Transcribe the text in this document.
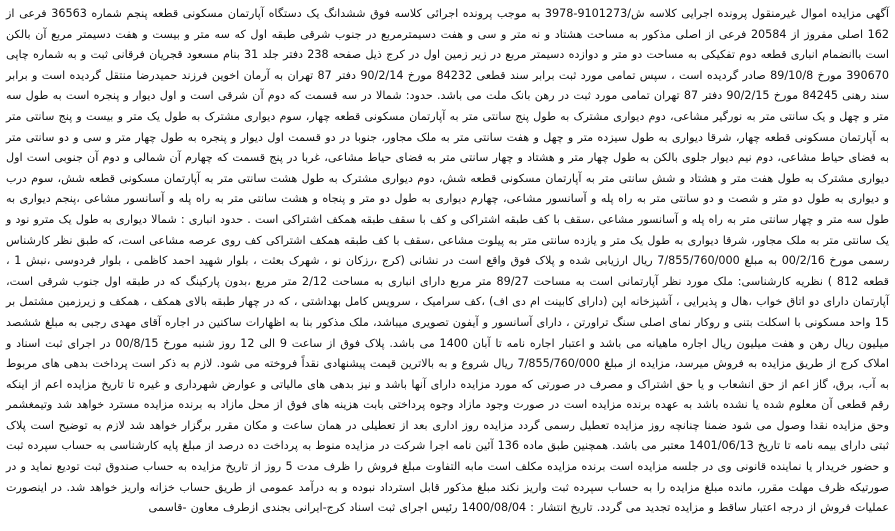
آگهی مزایده اموال غیرمنقول پرونده اجرایی کلاسه ش/9101273-3978 به موجب پرونده اجرائی کلاسه فوق ششدانگ یک دستگاه آپارتمان مسکونی قطعه پنجم شماره 36563 فرعی از 162 اصلی مفروز از 20584 فرعی از اصلی مذکور به مساحت هشتاد و نه متر و سی و هفت دسیمترمربع در جنوب شرقی طبقه اول که سه متر و بیست و هفت دسیمتر مربع آن بالکن است باانضمام انباری قطعه دوم تفکیکی به مساحت دو متر و دوازده دسیمتر مربع در زیر زمین اول در کرج ذیل صفحه 238 دفتر جلد 31 بنام مسعود قجریان فرقانی ثبت و به شماره چاپی 390670 مورخ 89/10/8 صادر گردیده است ، سپس تمامی مورد ثبت برابر سند قطعی 84232 مورخ 90/2/14 دفتر 87 تهران به آرمان اخوین فرزند حمیدرضا منتقل گردیده است و برابر سند رهنی 84245 مورخ 90/2/15 دفتر 87 تهران تمامی مورد ثبت در رهن بانک ملت می باشد. حدود: شمالا در سه قسمت که دوم آن شرقی است و اول دیوار و پنجره است به طول سه متر و چهل و یک سانتی متر به نورگیر مشاعی، دوم دیواری مشترک به طول پنج سانتی متر به آپارتمان مسکونی قطعه چهار، سوم دیواری مشترک به طول یک متر و بیست و پنج سانتی متر به آپارتمان مسکونی قطعه چهار، شرقا دیواری به طول سیزده متر و چهل و هفت سانتی متر به ملک مجاور، جنوبا در دو قسمت اول دیوار و پنجره به طول چهار متر و سی و دو سانتی متر به فضای حیاط مشاعی، دوم نیم دیوار جلوی بالکن به طول چهار متر و هشتاد و چهار سانتی متر به فضای حیاط مشاعی، غربا در پنج قسمت که چهارم آن شمالی و دوم آن جنوبی است اول دیواری مشترک به طول هفت متر و هشتاد و شش سانتی متر به آپارتمان مسکونی قطعه شش، دوم دیواری مشترک به طول هشت سانتی متر به آپارتمان مسکونی قطعه شش، سوم درب و دیواری به طول دو متر و شصت و دو سانتی متر به راه پله و آسانسور مشاعی، چهارم دیواری به طول دو متر و پنجاه و هشت سانتی متر به راه پله و آسانسور مشاعی ،پنجم دیواری به طول سه متر و چهار سانتی متر به راه پله و آسانسور مشاعی ،سقف با کف طبقه اشتراکی و کف با سقف طبقه همکف اشتراکی است . حدود انباری : شمالا دیواری به طول یک مترو نود و یک سانتی متر به ملک مجاور، شرقا دیواری به طول یک متر و یازده سانتی متر به پیلوت مشاعی ،سقف با کف طبقه همکف اشتراکی کف روی عرصه مشاعی است، که طبق نظر کارشناس رسمی مورخ 00/2/16 به مبلغ 7/855/760/000 ریال ارزیابی شده و پلاک فوق واقع است در نشانی (کرج ،رزکان نو ، شهرک بعثت ، بلوار شهید احمد کاظمی ، بلوار فردوسی ،نبش 1 ، قطعه 812 ) نظریه کارشناسی: ملک مورد نظر آپارتمانی است به مساحت 89/27 متر مربع دارای انباری به مساحت 2/12 متر مربع ،بدون پارکینگ که در طبقه اول جنوب شرقی است، آپارتمان دارای دو اتاق خواب ،هال و پذیرایی ، آشپزخانه اپن (دارای کابینت ام دی اف) ،کف سرامیک ، سرویس کامل بهداشتی ، که در چهار طبقه بالای همکف ، همکف و زیرزمین مشتمل بر 15 واحد مسکونی با اسکلت بتنی و روکار نمای اصلی سنگ تراورتن ، دارای آسانسور و آیفون تصویری میباشد، ملک مذکور بنا به اظهارات ساکنین در اجاره آقای مهدی رجبی به مبلغ ششصد میلیون ریال رهن و هفت میلیون ریال اجاره ماهیانه می باشد و اعتبار اجاره نامه تا آبان 1400 می باشد. پلاک فوق از ساعت 9 الی 12 روز شنبه مورخ 00/8/15 در اجرای ثبت اسناد و املاک کرج از طریق مزایده به فروش میرسد، مزایده از مبلغ 7/855/760/000 ریال شروع و به بالاترین قیمت پیشنهادی نقداً فروخته می شود. لازم به ذکر است پرداخت بدهی های مربوط به آب، برق، گاز اعم از حق انشعاب و یا حق اشتراک و مصرف در صورتی که مورد مزایده دارای آنها باشد و نیز بدهی های مالیاتی و عوارض شهرداری و غیره تا تاریخ مزایده اعم از اینکه رقم قطعی آن معلوم شده یا نشده باشد به عهده برنده مزایده است در صورت وجود مازاد وجوه پرداختی بابت هزینه های فوق از محل مازاد به برنده مزایده مسترد خواهد شد وتیمغشمر وحق مزایده نقدا وصول می شود ضمنا چنانچه روز مزایده تعطیل رسمی گردد مزایده روز اداری بعد از تعطیلی در همان ساعت و مکان مقرر برگزار خواهد شد لازم به توضیح است پلاک ثبتی دارای بیمه نامه تا تاریخ 1401/06/13 معتبر می باشد. همچنین طبق ماده 136 آئین نامه اجرا شرکت در مزایده منوط به پرداخت ده درصد از مبلغ پایه کارشناسی به حساب سپرده ثبت و حضور خریدار یا نماینده قانونی وی در جلسه مزایده است برنده مزایده مکلف است مابه التفاوت مبلغ فروش را ظرف مدت 5 روز از تاریخ مزایده به حساب صندوق ثبت تودیع نماید و در صورتیکه ظرف مهلت مقرر، مانده مبلغ مزایده را به حساب سپرده ثبت واریز نکند مبلغ مذکور قابل استرداد نبوده و به درآمد عمومی از طریق حساب خزانه واریز خواهد شد. در اینصورت عملیات فروش از درجه اعتبار ساقط و مزایده تجدید می گردد. تاریخ انتشار : 1400/08/04 رئیس اجرای ثبت اسناد کرج-ایرانی بجندی ازطرف معاون -قاسمی
